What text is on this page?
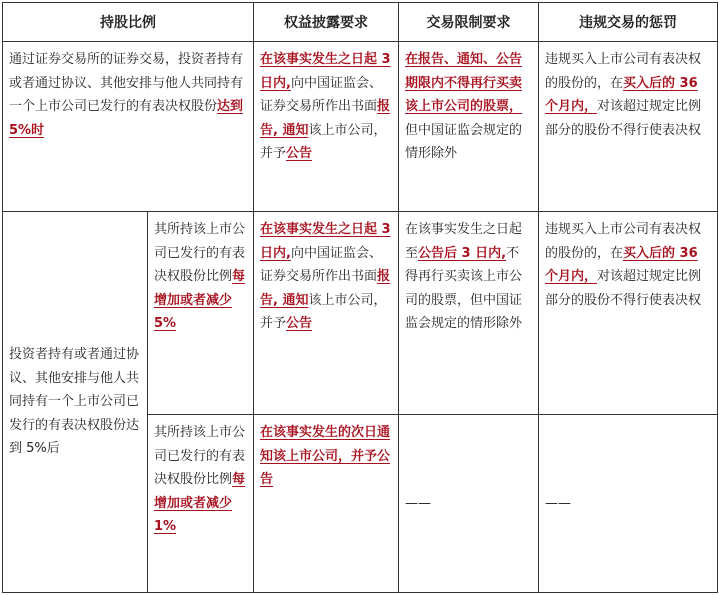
持股比例		权益披露要求	交易限制要求	违规交易的惩罚
通过证券交易所的证券交易，投资者持有或者通过协议、其他安排与他人共同持有一个上市公司已发行的有表决权股份达到 5%时		在该事实发生之日起 3 日内,向中国证监会、证券交易所作出书面报告, 通知该上市公司，并予公告	在报告、通知、公告期限内不得再行买卖该上市公司的股票，但中国证监会规定的情形除外	违规买入上市公司有表决权的股份的，在买入后的 36 个月内，对该超过规定比例部分的股份不得行使表决权
投资者持有或者通过协议、其他安排与他人共同持有一个上市公司已发行的有表决权股份达到 5%后	其所持该上市公司已发行的有表决权股份比例每增加或者减少 5%	在该事实发生之日起 3 日内,向中国证监会、证券交易所作出书面报告, 通知该上市公司，并予公告	在该事实发生之日起至公告后 3 日内,不得再行买卖该上市公司的股票，但中国证监会规定的情形除外	违规买入上市公司有表决权的股份的，在买入后的 36 个月内，对该超过规定比例部分的股份不得行使表决权
	其所持该上市公司已发行的有表决权股份比例每增加或者减少 1%	在该事实发生的次日通知该上市公司，并予公告	——	——
